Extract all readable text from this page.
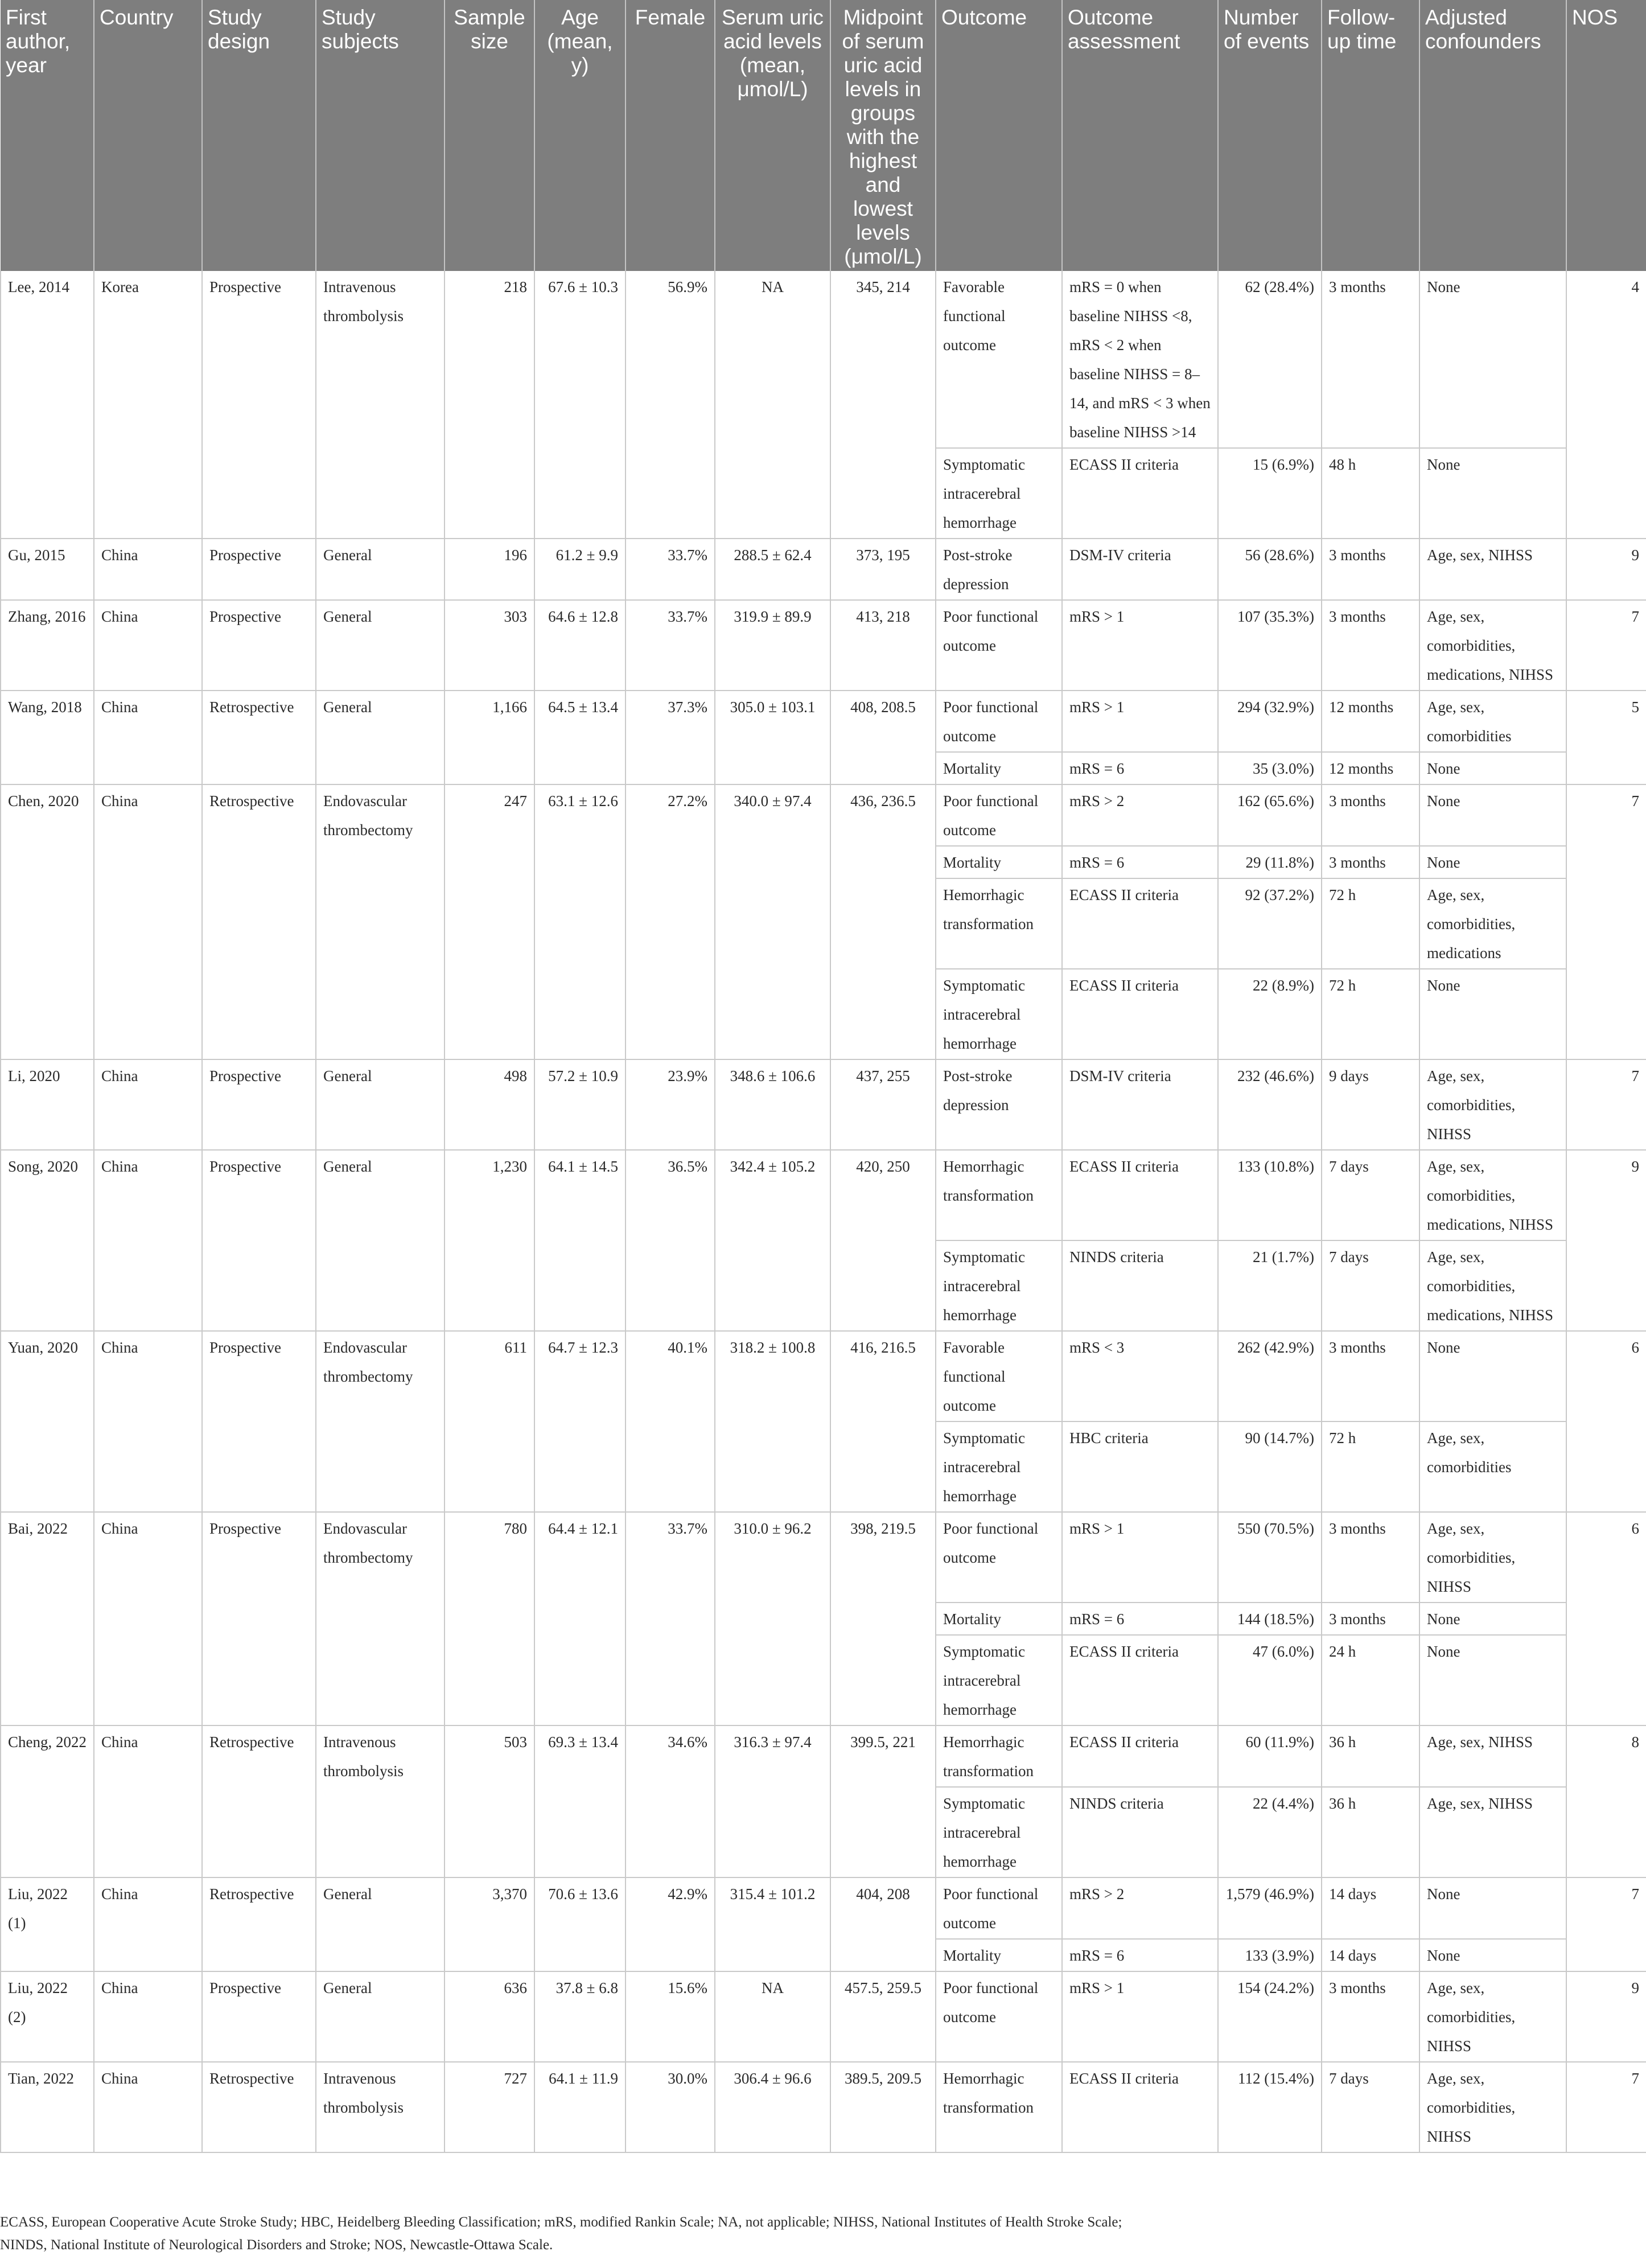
First author, year	Country	Study design	Study subjects	Sample size	Age (mean, y)	Female	Serum uric acid levels (mean, μmol/L)	Midpoint of serum uric acid levels in groups with the highest and lowest levels (μmol/L)	Outcome	Outcome assessment	Number of events	Follow-up time	Adjusted confounders	NOS
Lee, 2014	Korea	Prospective	Intravenous thrombolysis	218	67.6 ± 10.3	56.9%	NA	345, 214	Favorable functional outcome	mRS = 0 when baseline NIHSS <8, mRS < 2 when baseline NIHSS = 8–14, and mRS < 3 when baseline NIHSS >14	62 (28.4%)	3 months	None	4
									Symptomatic intracerebral hemorrhage	ECASS II criteria	15 (6.9%)	48 h	None	
Gu, 2015	China	Prospective	General	196	61.2 ± 9.9	33.7%	288.5 ± 62.4	373, 195	Post-stroke depression	DSM-IV criteria	56 (28.6%)	3 months	Age, sex, NIHSS	9
Zhang, 2016	China	Prospective	General	303	64.6 ± 12.8	33.7%	319.9 ± 89.9	413, 218	Poor functional outcome	mRS > 1	107 (35.3%)	3 months	Age, sex, comorbidities, medications, NIHSS	7
Wang, 2018	China	Retrospective	General	1,166	64.5 ± 13.4	37.3%	305.0 ± 103.1	408, 208.5	Poor functional outcome	mRS > 1	294 (32.9%)	12 months	Age, sex, comorbidities	5
									Mortality	mRS = 6	35 (3.0%)	12 months	None	
Chen, 2020	China	Retrospective	Endovascular thrombectomy	247	63.1 ± 12.6	27.2%	340.0 ± 97.4	436, 236.5	Poor functional outcome	mRS > 2	162 (65.6%)	3 months	None	7
									Mortality	mRS = 6	29 (11.8%)	3 months	None	
									Hemorrhagic transformation	ECASS II criteria	92 (37.2%)	72 h	Age, sex, comorbidities, medications	
									Symptomatic intracerebral hemorrhage	ECASS II criteria	22 (8.9%)	72 h	None	
Li, 2020	China	Prospective	General	498	57.2 ± 10.9	23.9%	348.6 ± 106.6	437, 255	Post-stroke depression	DSM-IV criteria	232 (46.6%)	9 days	Age, sex, comorbidities, NIHSS	7
Song, 2020	China	Prospective	General	1,230	64.1 ± 14.5	36.5%	342.4 ± 105.2	420, 250	Hemorrhagic transformation	ECASS II criteria	133 (10.8%)	7 days	Age, sex, comorbidities, medications, NIHSS	9
									Symptomatic intracerebral hemorrhage	NINDS criteria	21 (1.7%)	7 days	Age, sex, comorbidities, medications, NIHSS	
Yuan, 2020	China	Prospective	Endovascular thrombectomy	611	64.7 ± 12.3	40.1%	318.2 ± 100.8	416, 216.5	Favorable functional outcome	mRS < 3	262 (42.9%)	3 months	None	6
									Symptomatic intracerebral hemorrhage	HBC criteria	90 (14.7%)	72 h	Age, sex, comorbidities	
Bai, 2022	China	Prospective	Endovascular thrombectomy	780	64.4 ± 12.1	33.7%	310.0 ± 96.2	398, 219.5	Poor functional outcome	mRS > 1	550 (70.5%)	3 months	Age, sex, comorbidities, NIHSS	6
									Mortality	mRS = 6	144 (18.5%)	3 months	None	
									Symptomatic intracerebral hemorrhage	ECASS II criteria	47 (6.0%)	24 h	None	
Cheng, 2022	China	Retrospective	Intravenous thrombolysis	503	69.3 ± 13.4	34.6%	316.3 ± 97.4	399.5, 221	Hemorrhagic transformation	ECASS II criteria	60 (11.9%)	36 h	Age, sex, NIHSS	8
									Symptomatic intracerebral hemorrhage	NINDS criteria	22 (4.4%)	36 h	Age, sex, NIHSS	
Liu, 2022 (1)	China	Retrospective	General	3,370	70.6 ± 13.6	42.9%	315.4 ± 101.2	404, 208	Poor functional outcome	mRS > 2	1,579 (46.9%)	14 days	None	7
									Mortality	mRS = 6	133 (3.9%)	14 days	None	
Liu, 2022 (2)	China	Prospective	General	636	37.8 ± 6.8	15.6%	NA	457.5, 259.5	Poor functional outcome	mRS > 1	154 (24.2%)	3 months	Age, sex, comorbidities, NIHSS	9
Tian, 2022	China	Retrospective	Intravenous thrombolysis	727	64.1 ± 11.9	30.0%	306.4 ± 96.6	389.5, 209.5	Hemorrhagic transformation	ECASS II criteria	112 (15.4%)	7 days	Age, sex, comorbidities, NIHSS	7
ECASS, European Cooperative Acute Stroke Study; HBC, Heidelberg Bleeding Classification; mRS, modified Rankin Scale; NA, not applicable; NIHSS, National Institutes of Health Stroke Scale; NINDS, National Institute of Neurological Disorders and Stroke; NOS, Newcastle-Ottawa Scale.
